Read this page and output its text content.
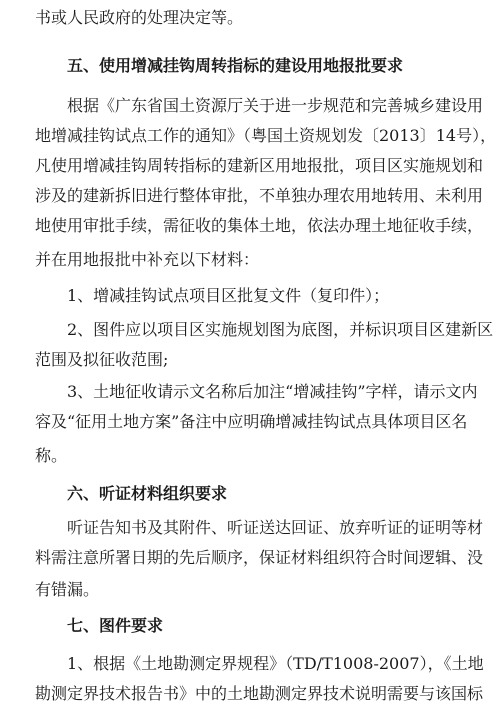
书或人民政府的处理决定等。
五、使用增减挂钩周转指标的建设用地报批要求
根据《广东省国土资源厅关于进一步规范和完善城乡建设用
地增减挂钩试点工作的通知》（粤国土资规划发〔2013〕14号），
凡使用增减挂钩周转指标的建新区用地报批，项目区实施规划和
涉及的建新拆旧进行整体审批，不单独办理农用地转用、未利用
地使用审批手续，需征收的集体土地，依法办理土地征收手续，
并在用地报批中补充以下材料：
1、增减挂钩试点项目区批复文件（复印件）；
2、图件应以项目区实施规划图为底图，并标识项目区建新区
范围及拟征收范围;
3、土地征收请示文名称后加注“增减挂钩”字样，请示文内
容及“征用土地方案”备注中应明确增减挂钩试点具体项目区名
称。
六、听证材料组织要求
听证告知书及其附件、听证送达回证、放弃听证的证明等材
料需注意所署日期的先后顺序，保证材料组织符合时间逻辑、没
有错漏。
七、图件要求
1、根据《土地勘测定界规程》（TD/T1008-2007），《土地
勘测定界技术报告书》中的土地勘测定界技术说明需要与该国标
